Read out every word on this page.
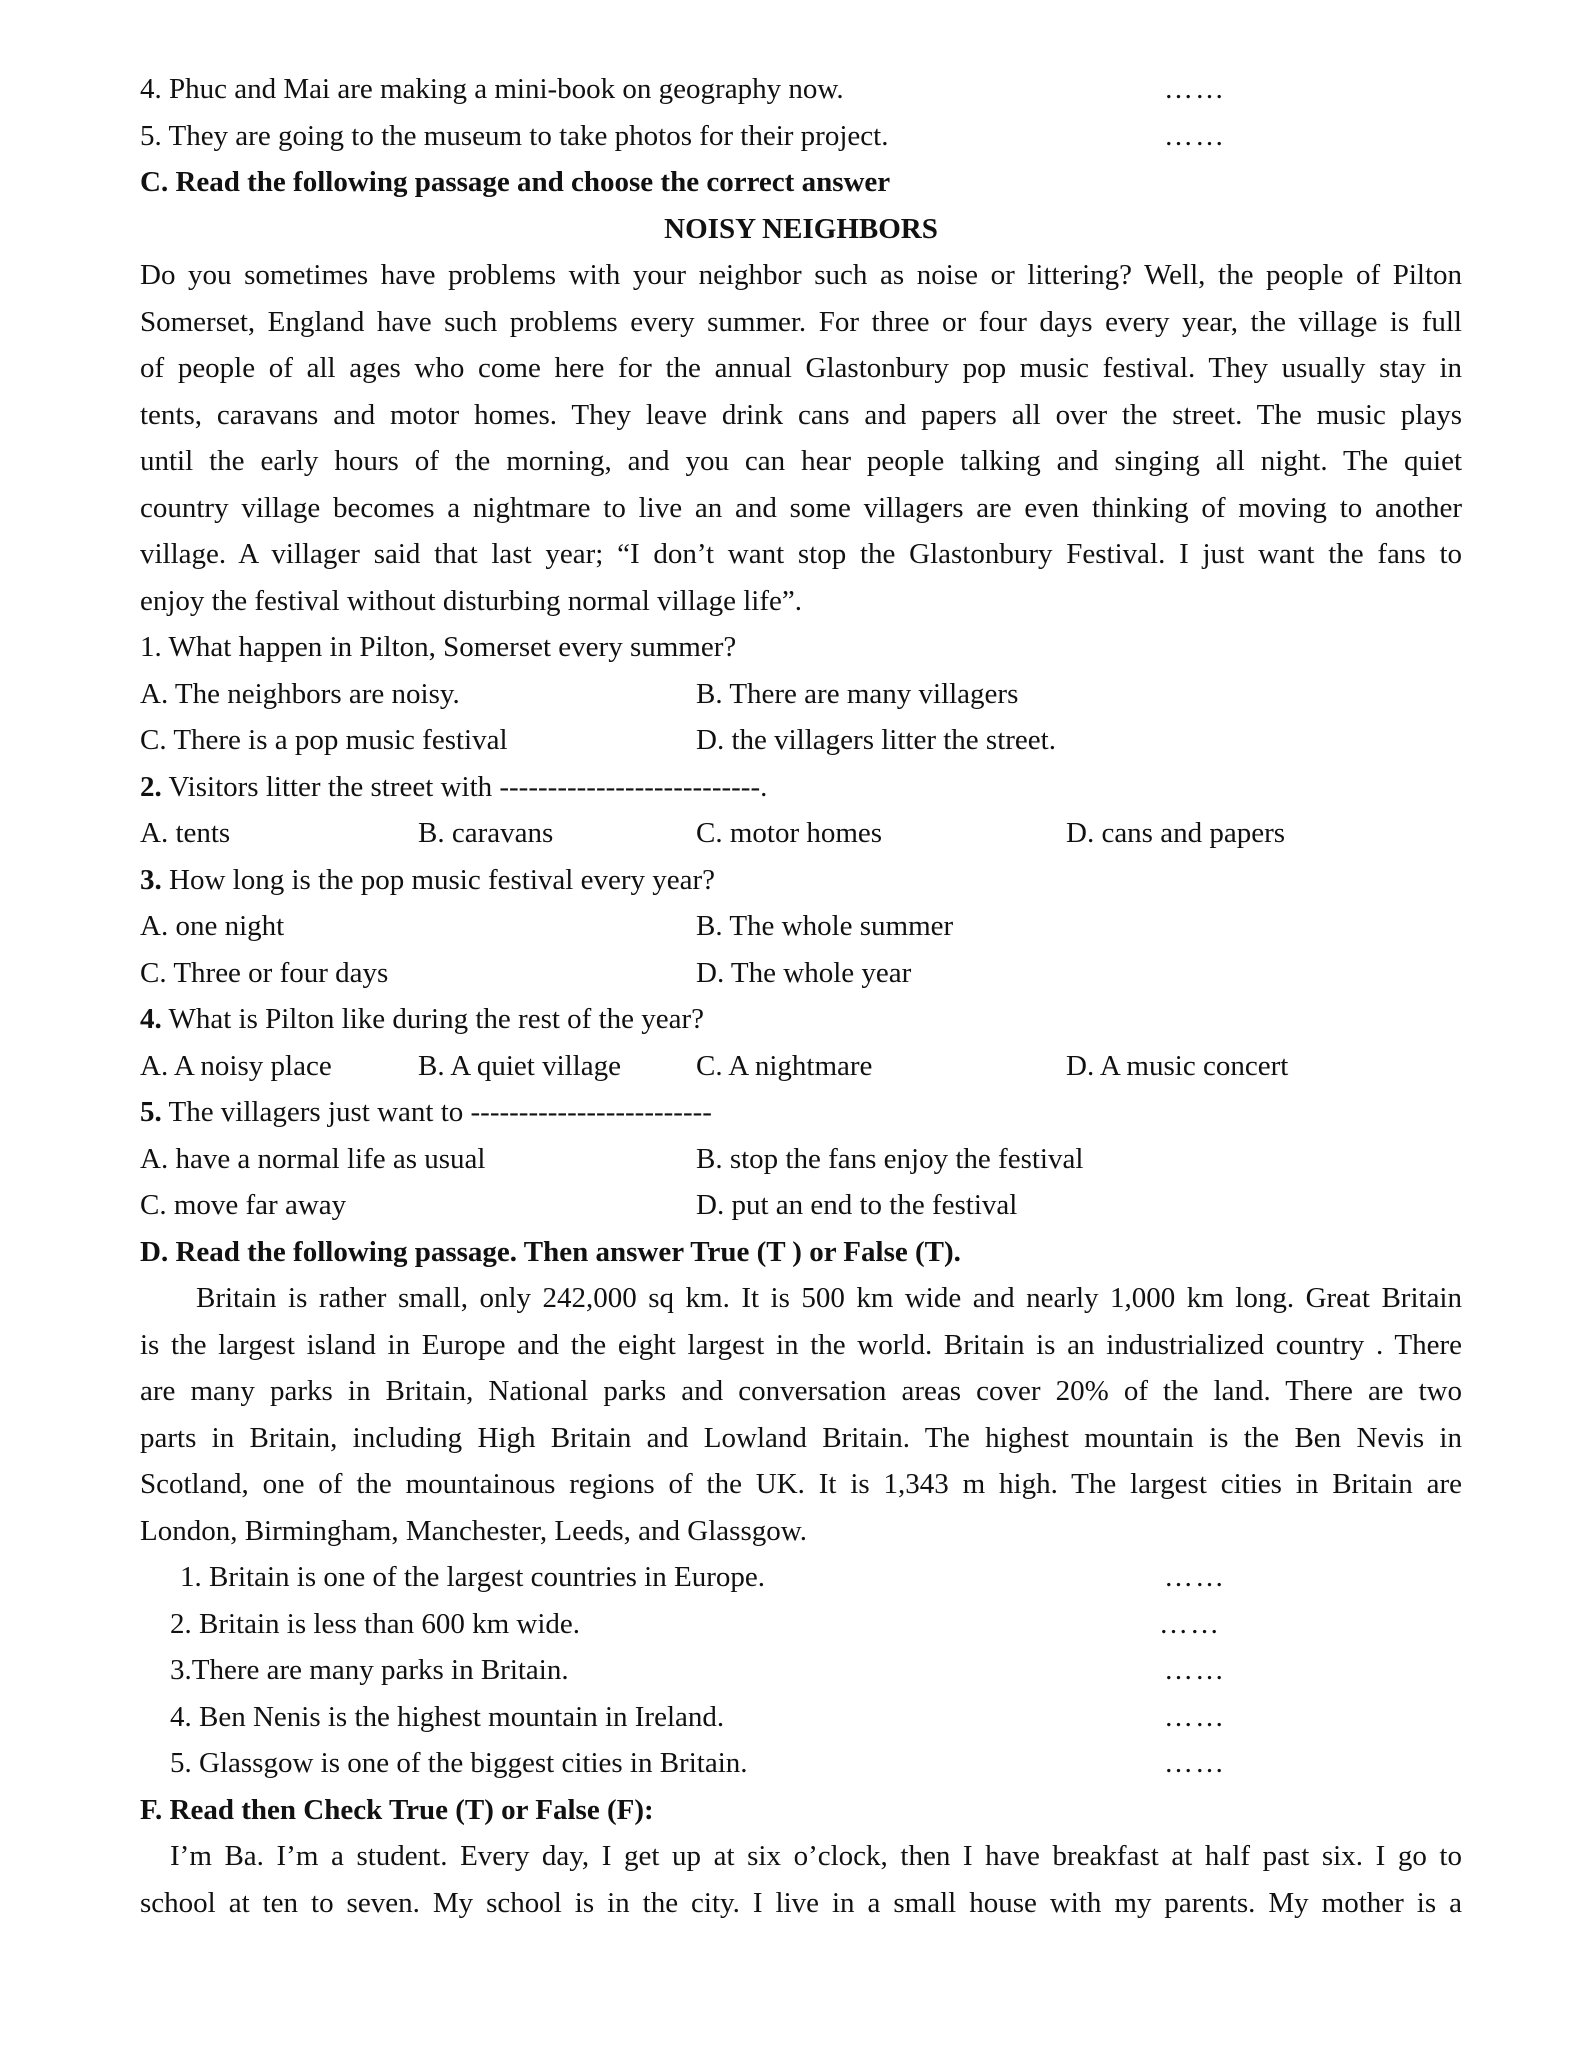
4. Phuc and Mai are making a mini-book on geography now.	……
5. They are going to the museum to take photos for their project.	……
C. Read the following passage and choose the correct answer
NOISY NEIGHBORS
Do you sometimes have problems with your neighbor such as noise or littering? Well, the people of Pilton
Somerset, England have such problems every summer. For three or four days every year, the village is full
of people of all ages who come here for the annual Glastonbury pop music festival. They usually stay in
tents, caravans and motor homes. They leave drink cans and papers all over the street. The music plays
until the early hours of the morning, and you can hear people talking and singing all night. The quiet
country village becomes a nightmare to live an and some villagers are even thinking of moving to another
village. A villager said that last year; “I don’t want stop the Glastonbury Festival. I just want the fans to
enjoy the festival without disturbing normal village life”.
1. What happen in Pilton, Somerset every summer?
A. The neighbors are noisy.	B. There are many villagers
C. There is a pop music festival	D. the villagers litter the street.
2. Visitors litter the street with ---------------------------.
A. tents	B. caravans	C. motor homes	D. cans and papers
3. How long is the pop music festival every year?
A. one night	B. The whole summer
C. Three or four days	D. The whole year
4. What is Pilton like during the rest of the year?
A. A noisy place	B. A quiet village	C. A nightmare	D. A music concert
5. The villagers just want to -------------------------
A. have a normal life as usual	B. stop the fans enjoy the festival
C. move far away	D. put an end to the festival
D. Read the following passage. Then answer True (T ) or False (T).
Britain is rather small, only 242,000 sq km. It is 500 km wide and nearly 1,000 km long. Great Britain
is the largest island in Europe and the eight largest in the world. Britain is an industrialized country . There
are many parks in Britain, National parks and conversation areas cover 20% of the land. There are two
parts in Britain, including High Britain and Lowland Britain. The highest mountain is the Ben Nevis in
Scotland, one of the mountainous regions of the UK. It is 1,343 m high. The largest cities in Britain are
London, Birmingham, Manchester, Leeds, and Glassgow.
1. Britain is one of the largest countries in Europe.	……
2. Britain is less than 600 km wide.	……
3.There are many parks in Britain.	……
4. Ben Nenis is the highest mountain in Ireland.	……
5. Glassgow is one of the biggest cities in Britain.	……
F. Read then Check True (T) or False (F):
I’m Ba. I’m a student. Every day, I get up at six o’clock, then I have breakfast at half past six. I go to
school at ten to seven. My school is in the city. I live in a small house with my parents. My mother is a
